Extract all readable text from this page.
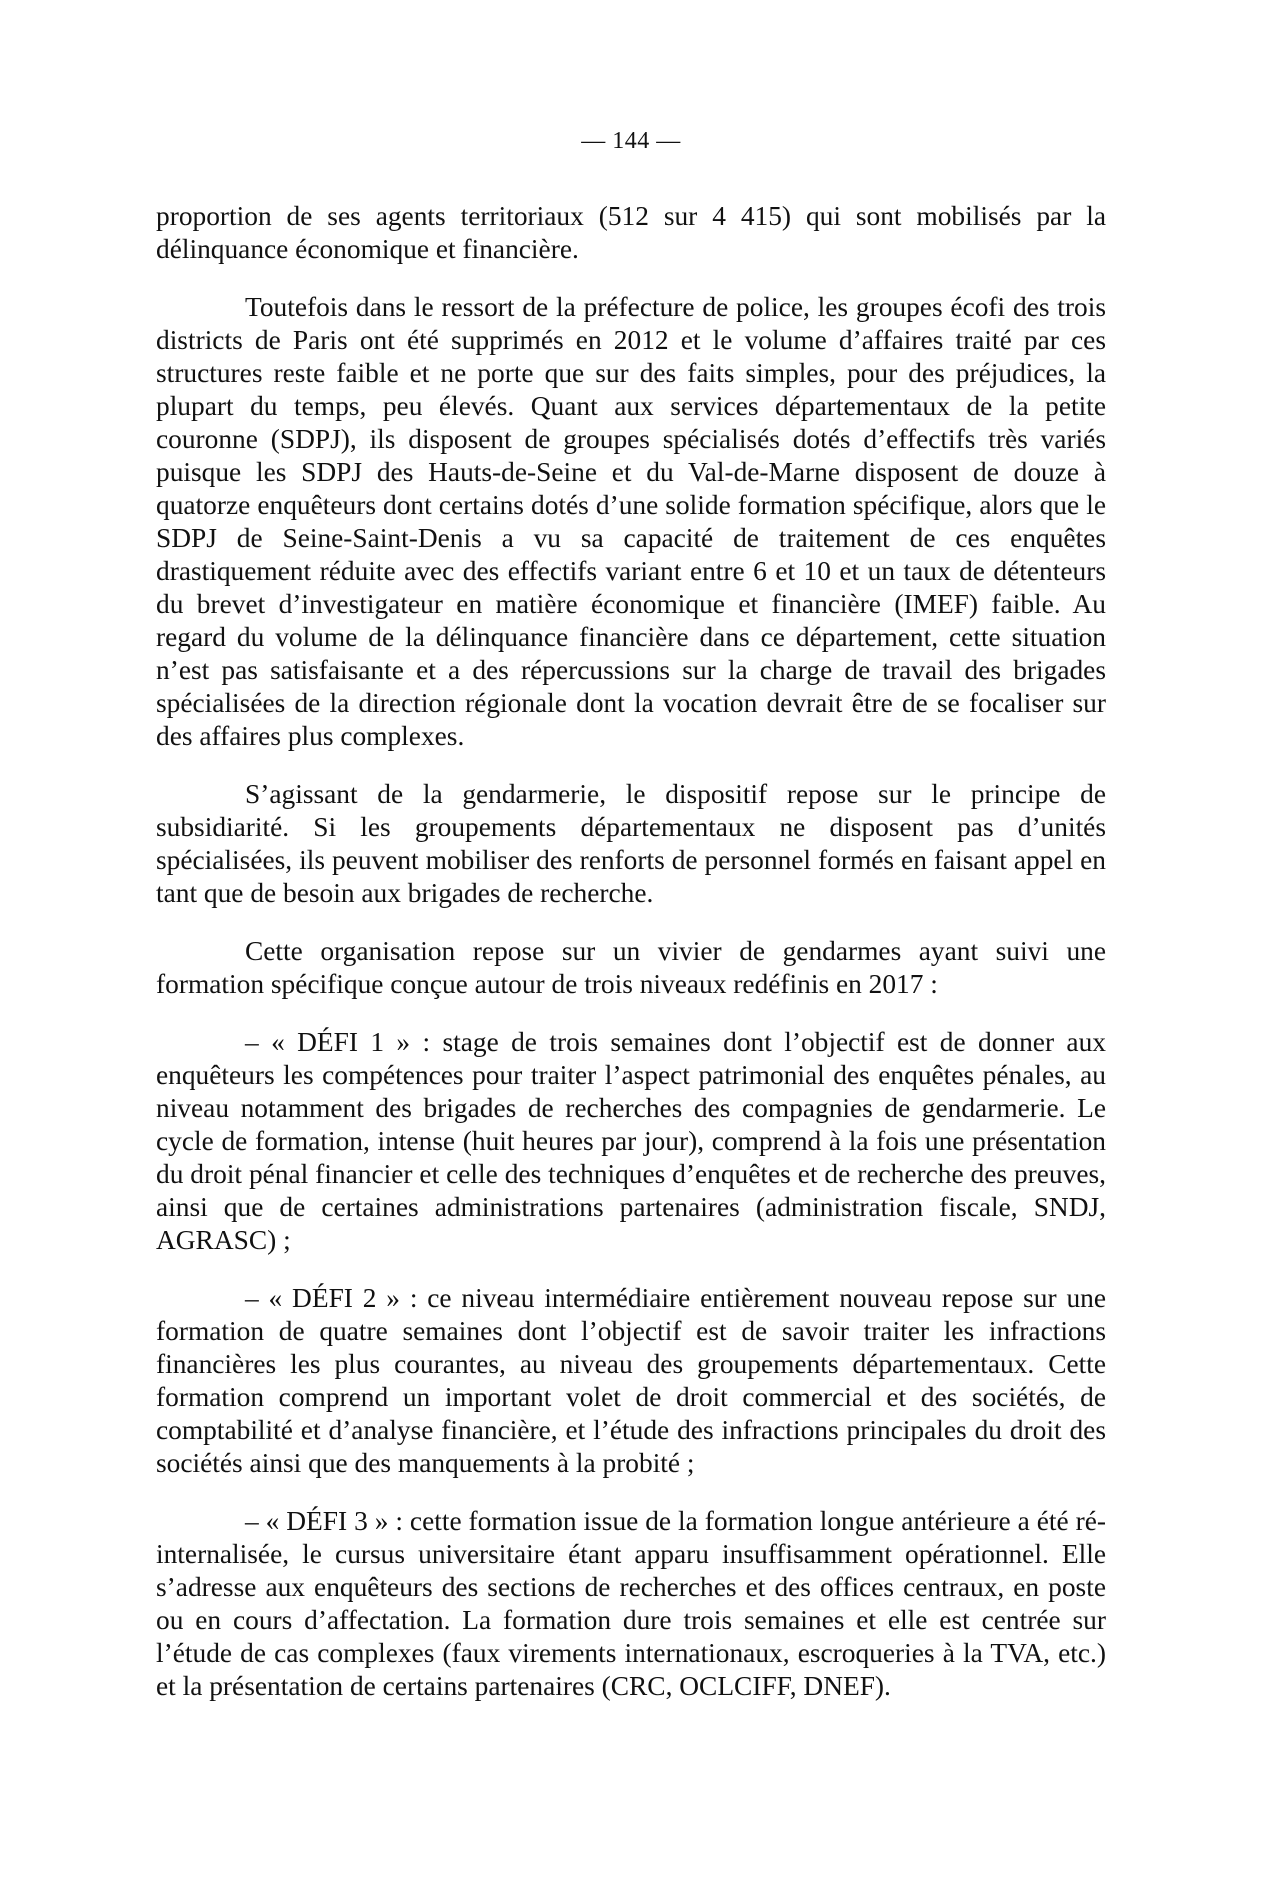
— 144 —

proportion de ses agents territoriaux (512 sur 4 415) qui sont mobilisés par la délinquance économique et financière.

Toutefois dans le ressort de la préfecture de police, les groupes écofi des trois districts de Paris ont été supprimés en 2012 et le volume d’affaires traité par ces structures reste faible et ne porte que sur des faits simples, pour des préjudices, la plupart du temps, peu élevés. Quant aux services départementaux de la petite couronne (SDPJ), ils disposent de groupes spécialisés dotés d’effectifs très variés puisque les SDPJ des Hauts-de-Seine et du Val-de-Marne disposent de douze à quatorze enquêteurs dont certains dotés d’une solide formation spécifique, alors que le SDPJ de Seine-Saint-Denis a vu sa capacité de traitement de ces enquêtes drastiquement réduite avec des effectifs variant entre 6 et 10 et un taux de détenteurs du brevet d’investigateur en matière économique et financière (IMEF) faible. Au regard du volume de la délinquance financière dans ce département, cette situation n’est pas satisfaisante et a des répercussions sur la charge de travail des brigades spécialisées de la direction régionale dont la vocation devrait être de se focaliser sur des affaires plus complexes.

S’agissant de la gendarmerie, le dispositif repose sur le principe de subsidiarité. Si les groupements départementaux ne disposent pas d’unités spécialisées, ils peuvent mobiliser des renforts de personnel formés en faisant appel en tant que de besoin aux brigades de recherche.

Cette organisation repose sur un vivier de gendarmes ayant suivi une formation spécifique conçue autour de trois niveaux redéfinis en 2017 :

– « DÉFI 1 » : stage de trois semaines dont l’objectif est de donner aux enquêteurs les compétences pour traiter l’aspect patrimonial des enquêtes pénales, au niveau notamment des brigades de recherches des compagnies de gendarmerie. Le cycle de formation, intense (huit heures par jour), comprend à la fois une présentation du droit pénal financier et celle des techniques d’enquêtes et de recherche des preuves, ainsi que de certaines administrations partenaires (administration fiscale, SNDJ, AGRASC) ;

– « DÉFI 2 » : ce niveau intermédiaire entièrement nouveau repose sur une formation de quatre semaines dont l’objectif est de savoir traiter les infractions financières les plus courantes, au niveau des groupements départementaux. Cette formation comprend un important volet de droit commercial et des sociétés, de comptabilité et d’analyse financière, et l’étude des infractions principales du droit des sociétés ainsi que des manquements à la probité ;

– « DÉFI 3 » : cette formation issue de la formation longue antérieure a été ré-internalisée, le cursus universitaire étant apparu insuffisamment opérationnel. Elle s’adresse aux enquêteurs des sections de recherches et des offices centraux, en poste ou en cours d’affectation. La formation dure trois semaines et elle est centrée sur l’étude de cas complexes (faux virements internationaux, escroqueries à la TVA, etc.) et la présentation de certains partenaires (CRC, OCLCIFF, DNEF).
